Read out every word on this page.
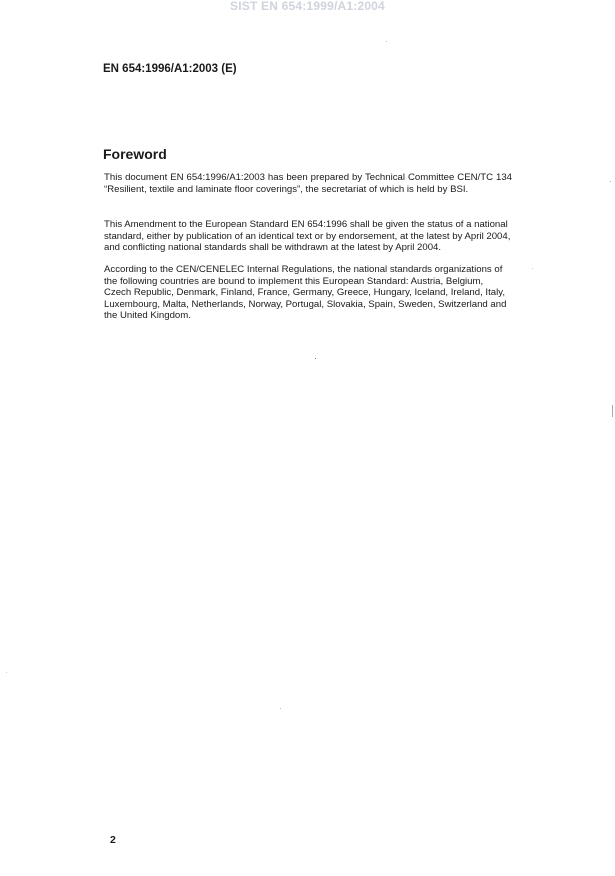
SIST EN 654:1999/A1:2004
EN 654:1996/A1:2003 (E)
Foreword

This document EN 654:1996/A1:2003 has been prepared by Technical Committee CEN/TC 134 “Resilient, textile and laminate floor coverings”, the secretariat of which is held by BSI.

This Amendment to the European Standard EN 654:1996 shall be given the status of a national standard, either by publication of an identical text or by endorsement, at the latest by April 2004, and conflicting national standards shall be withdrawn at the latest by April 2004.

According to the CEN/CENELEC Internal Regulations, the national standards organizations of the following countries are bound to implement this European Standard: Austria, Belgium, Czech Republic, Denmark, Finland, France, Germany, Greece, Hungary, Iceland, Ireland, Italy, Luxembourg, Malta, Netherlands, Norway, Portugal, Slovakia, Spain, Sweden, Switzerland and the United Kingdom.

2
